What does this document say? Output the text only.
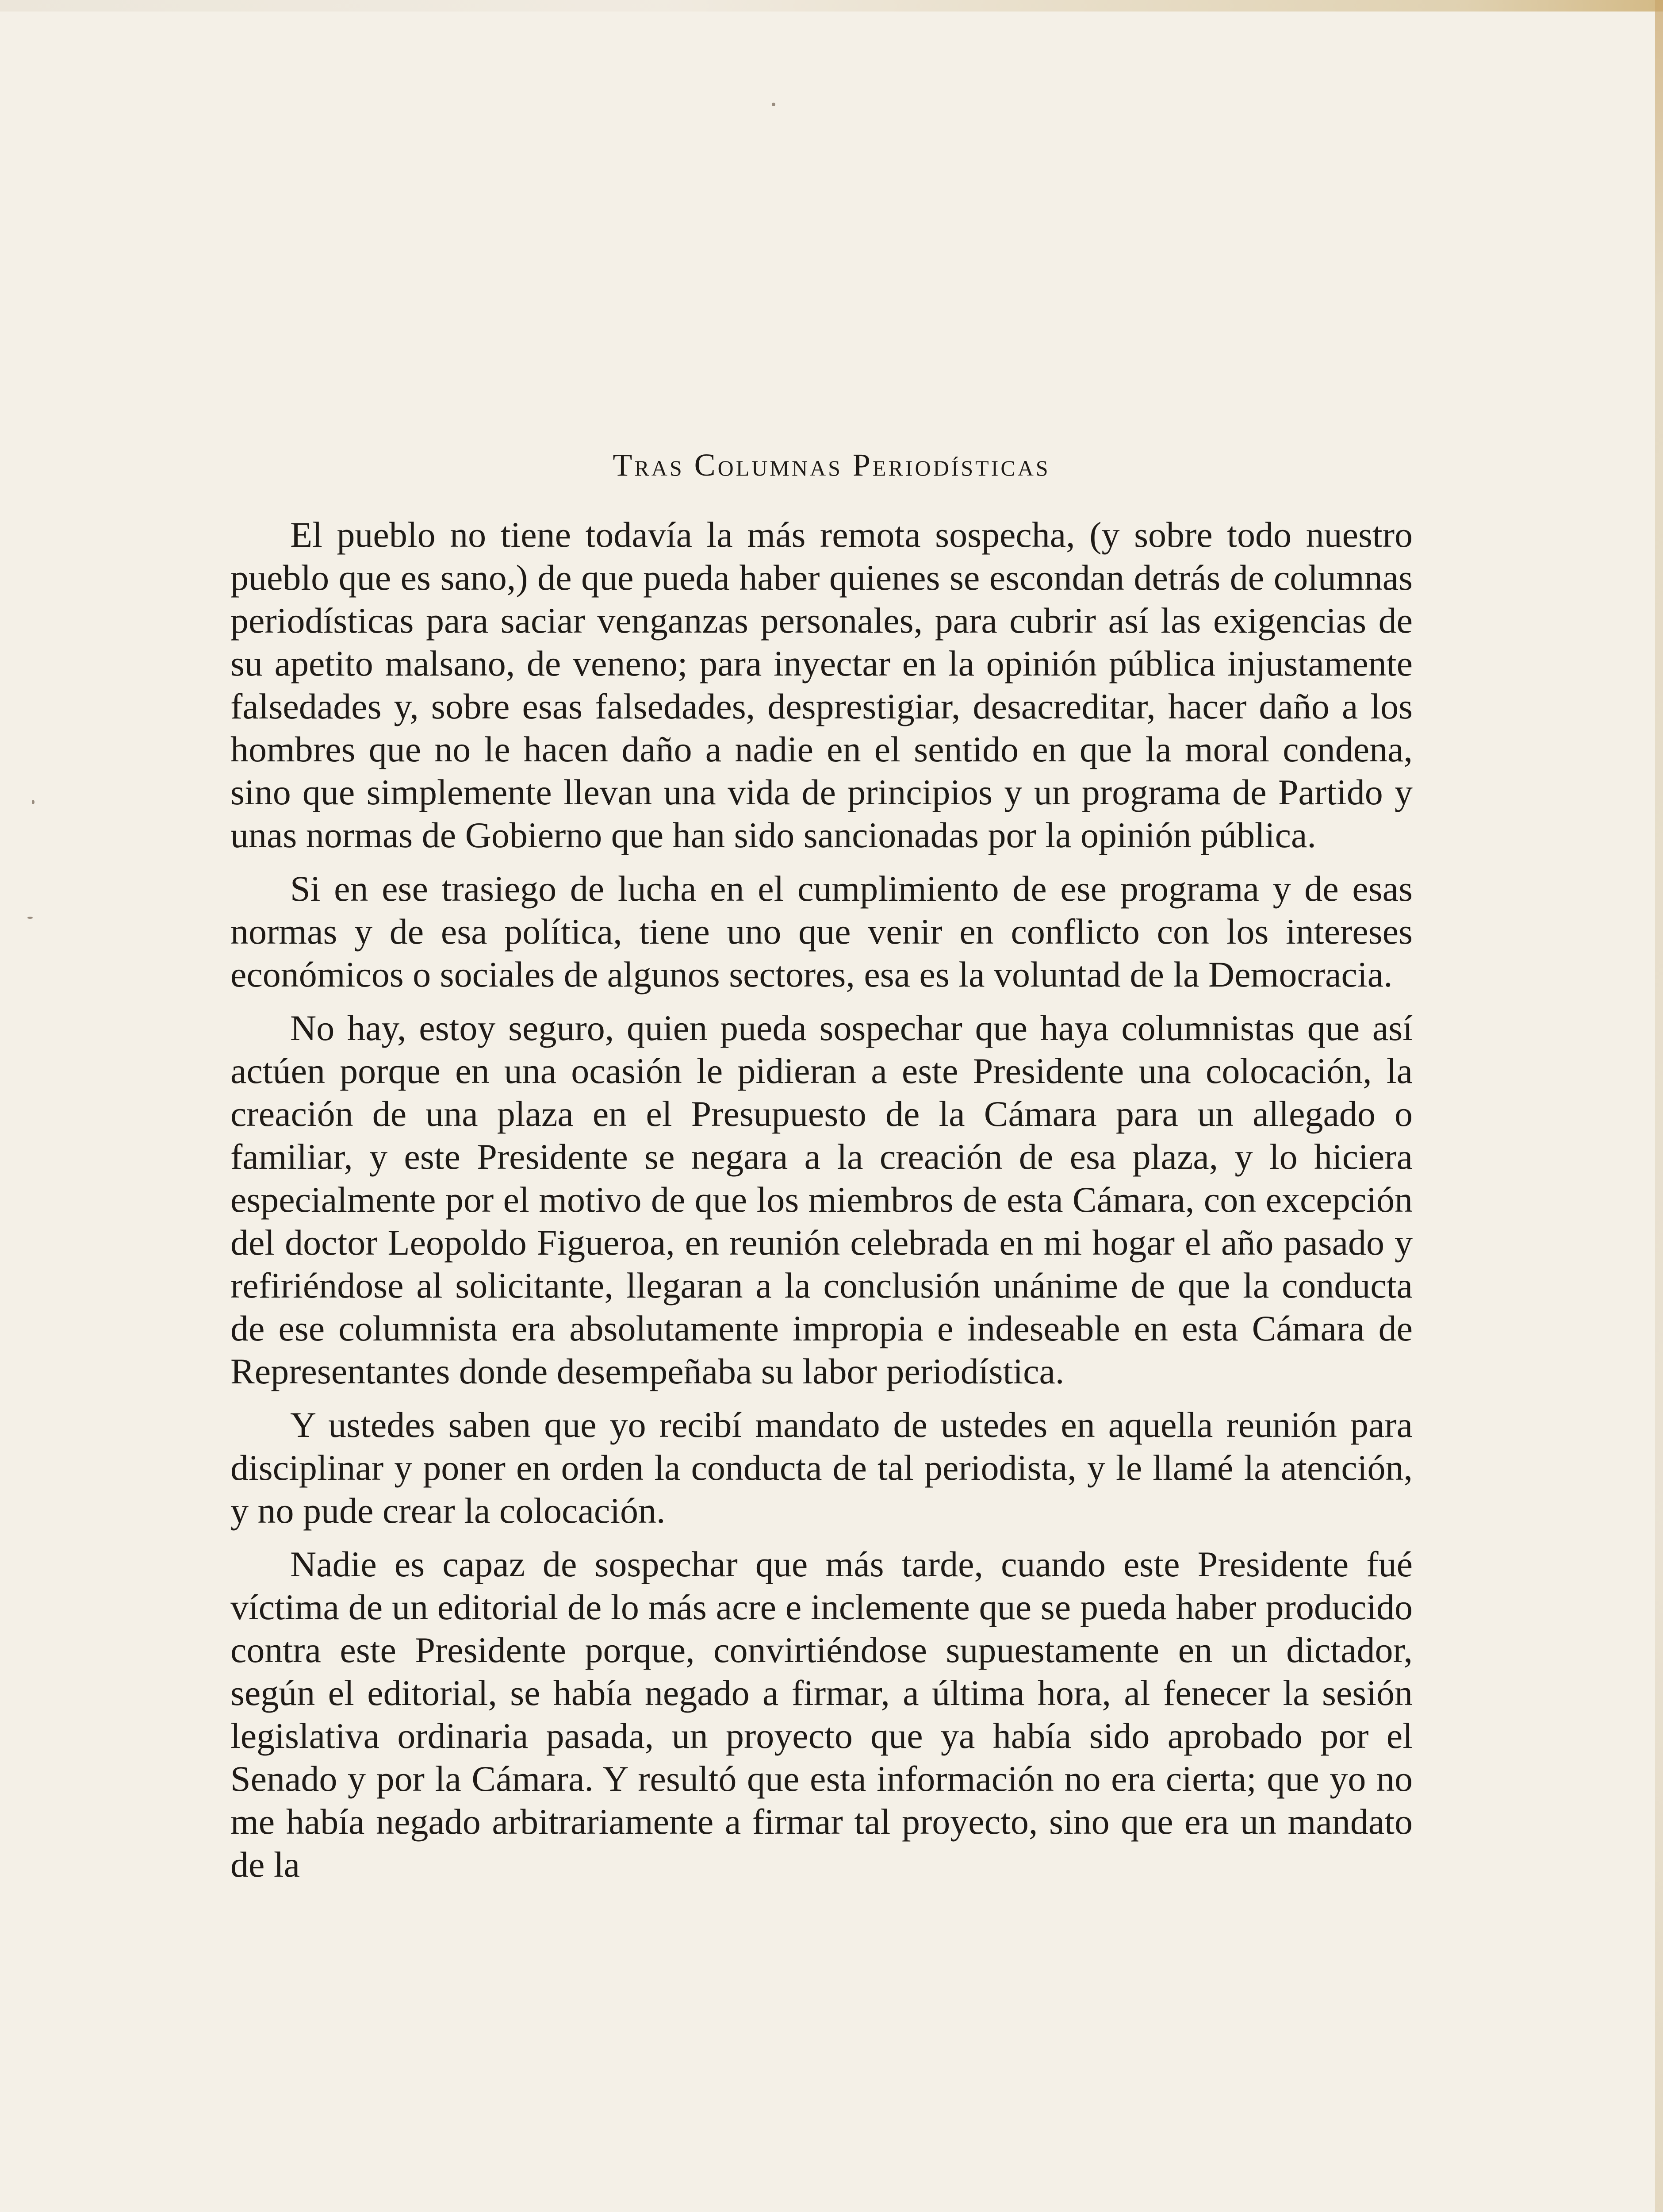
Tras Columnas Periodísticas

El pueblo no tiene todavía la más remota sospecha, (y sobre todo nuestro pueblo que es sano,) de que pueda haber quienes se escondan detrás de columnas periodísticas para saciar venganzas personales, para cubrir así las exigencias de su apetito malsano, de veneno; para inyectar en la opinión pública injustamente falsedades y, sobre esas falsedades, desprestigiar, desacreditar, hacer daño a los hombres que no le hacen daño a nadie en el sentido en que la moral condena, sino que simplemente llevan una vida de principios y un programa de Partido y unas normas de Gobierno que han sido sancionadas por la opinión pública.

Si en ese trasiego de lucha en el cumplimiento de ese programa y de esas normas y de esa política, tiene uno que venir en conflicto con los intereses económicos o sociales de algunos sectores, esa es la voluntad de la Democracia.

No hay, estoy seguro, quien pueda sospechar que haya columnistas que así actúen porque en una ocasión le pidieran a este Presidente una colocación, la creación de una plaza en el Presupuesto de la Cámara para un allegado o familiar, y este Presidente se negara a la creación de esa plaza, y lo hiciera especialmente por el motivo de que los miembros de esta Cámara, con excepción del doctor Leopoldo Figueroa, en reunión celebrada en mi hogar el año pasado y refiriéndose al solicitante, llegaran a la conclusión unánime de que la conducta de ese columnista era absolutamente impropia e indeseable en esta Cámara de Representantes donde desempeñaba su labor periodística.

Y ustedes saben que yo recibí mandato de ustedes en aquella reunión para disciplinar y poner en orden la conducta de tal periodista, y le llamé la atención, y no pude crear la colocación.

Nadie es capaz de sospechar que más tarde, cuando este Presidente fué víctima de un editorial de lo más acre e inclemente que se pueda haber producido contra este Presidente porque, convirtiéndose supuestamente en un dictador, según el editorial, se había negado a firmar, a última hora, al fenecer la sesión legislativa ordinaria pasada, un proyecto que ya había sido aprobado por el Senado y por la Cámara. Y resultó que esta información no era cierta; que yo no me había negado arbitrariamente a firmar tal proyecto, sino que era un mandato de la
